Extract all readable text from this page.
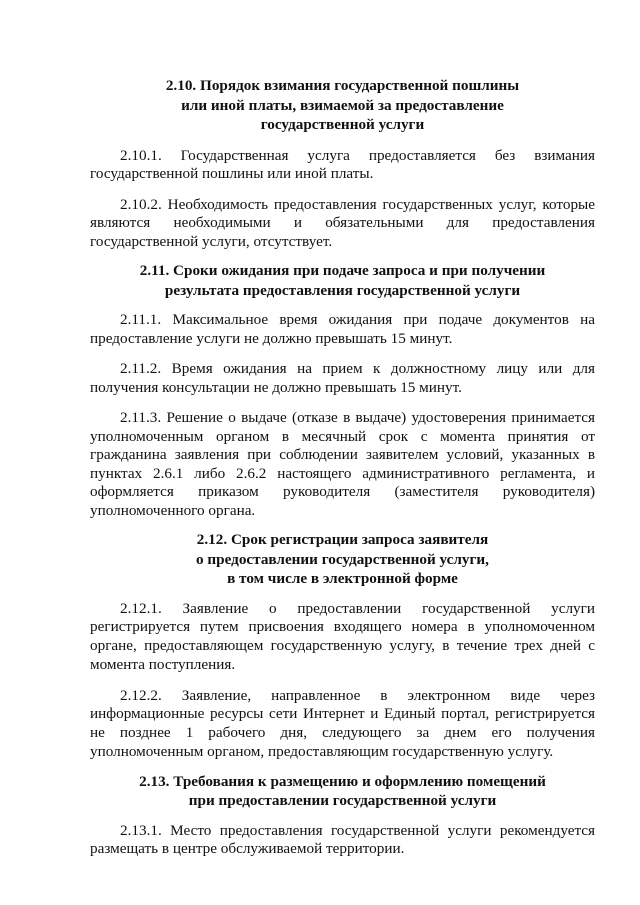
2.10. Порядок взимания государственной пошлины
или иной платы, взимаемой за предоставление
государственной услуги

2.10.1. Государственная услуга предоставляется без взимания государственной пошлины или иной платы.

2.10.2. Необходимость предоставления государственных услуг, которые являются необходимыми и обязательными для предоставления государственной услуги, отсутствует.

2.11. Сроки ожидания при подаче запроса и при получении
результата предоставления государственной услуги

2.11.1. Максимальное время ожидания при подаче документов на предоставление услуги не должно превышать 15 минут.

2.11.2. Время ожидания на прием к должностному лицу или для получения консультации не должно превышать 15 минут.

2.11.3. Решение о выдаче (отказе в выдаче) удостоверения принимается уполномоченным органом в месячный срок с момента принятия от гражданина заявления при соблюдении заявителем условий, указанных в пунктах 2.6.1 либо 2.6.2 настоящего административного регламента, и оформляется приказом руководителя (заместителя руководителя) уполномоченного органа.

2.12. Срок регистрации запроса заявителя
о предоставлении государственной услуги,
в том числе в электронной форме

2.12.1. Заявление о предоставлении государственной услуги регистрируется путем присвоения входящего номера в уполномоченном органе, предоставляющем государственную услугу, в течение трех дней с момента поступления.

2.12.2. Заявление, направленное в электронном виде через информационные ресурсы сети Интернет и Единый портал, регистрируется не позднее 1 рабочего дня, следующего за днем его получения уполномоченным органом, предоставляющим государственную услугу.

2.13. Требования к размещению и оформлению помещений
при предоставлении государственной услуги

2.13.1. Место предоставления государственной услуги рекомендуется размещать в центре обслуживаемой территории.
